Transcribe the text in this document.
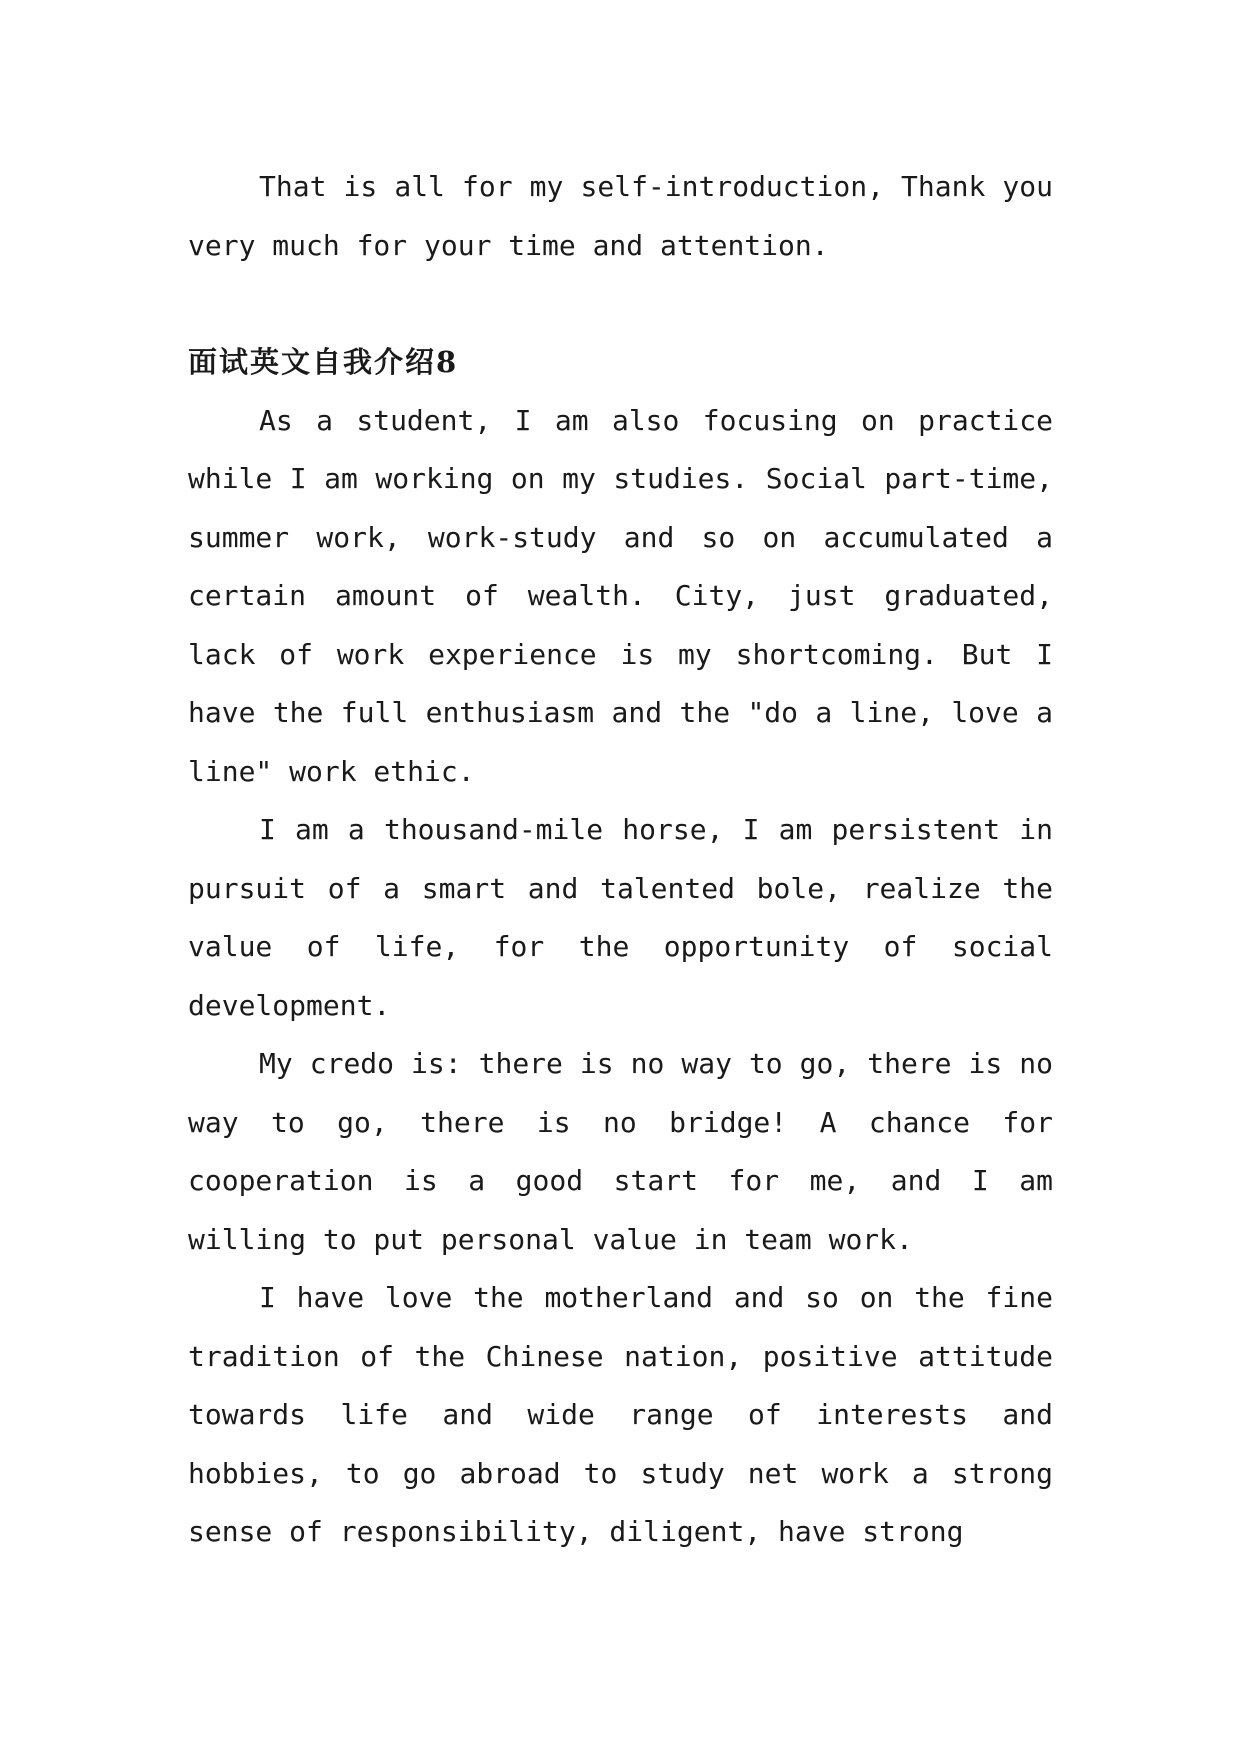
That is all for my self-introduction, Thank you very much for your time and attention.

面试英文自我介绍8

As a student, I am also focusing on practice while I am working on my studies. Social part-time, summer work, work-study and so on accumulated a certain amount of wealth. City, just graduated, lack of work experience is my shortcoming. But I have the full enthusiasm and the "do a line, love a line" work ethic.

I am a thousand-mile horse, I am persistent in pursuit of a smart and talented bole, realize the value of life, for the opportunity of social development.

My credo is: there is no way to go, there is no way to go, there is no bridge! A chance for cooperation is a good start for me, and I am willing to put personal value in team work.

I have love the motherland and so on the fine tradition of the Chinese nation, positive attitude towards life and wide range of interests and hobbies, to go abroad to study net work a strong sense of responsibility, diligent, have strong
